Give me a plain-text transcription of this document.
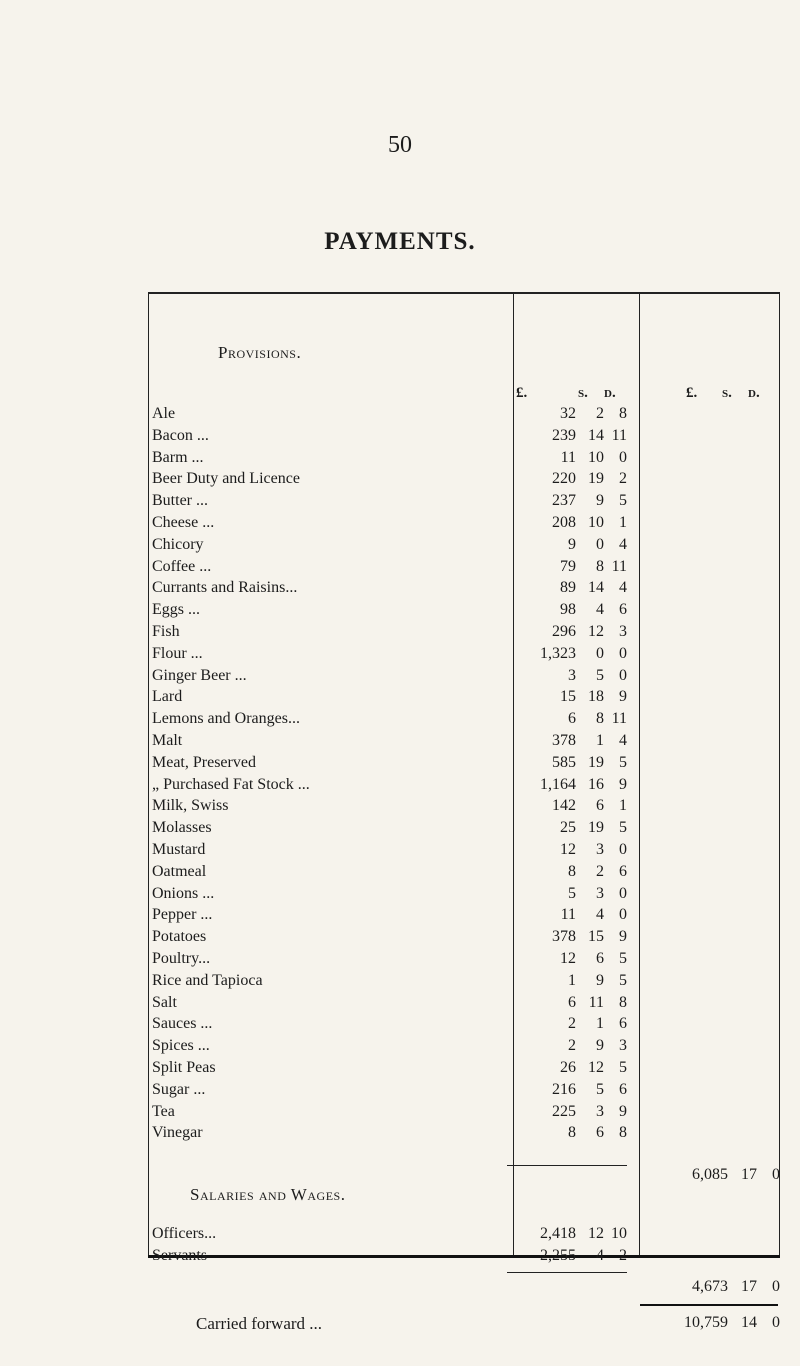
50
PAYMENTS.
Provisions.
£.	s. d.	£. s. d.
Ale	32	2 8
Bacon ...	239 14 11
Barm ...	11 10 0
Beer Duty and Licence	220 19 2
Butter ...	237	9 5
Cheese ...	208 10 1
Chicory	9	0 4
Coffee ...	79	8 11
Currants and Raisins...	89 14 4
Eggs ...	98	4 6
Fish	296 12 3
Flour ...	1,323	0 0
Ginger Beer ...	3	5 0
Lard	15 18 9
Lemons and Oranges...	6	8 11
Malt	378	1 4
Meat, Preserved	585 19 5
„ Purchased Fat Stock ...	1,164 16 9
Milk, Swiss	142	6 1
Molasses	25 19 5
Mustard	12	3 0
Oatmeal	8	2 6
Onions ...	5	3 0
Pepper ...	11	4 0
Potatoes	378 15 9
Poultry...	12	6 5
Rice and Tapioca	1	9 5
Salt	6 11 8
Sauces ...	2	1 6
Spices ...	2	9 3
Split Peas	26 12 5
Sugar ...	216	5 6
Tea	225	3 9
Vinegar	8	6 8
6,085 17 0
Salaries and Wages.
Officers...	2,418 12 10
Servants	2,255	4 2
4,673 17 0
Carried forward ...	10,759 14 0
